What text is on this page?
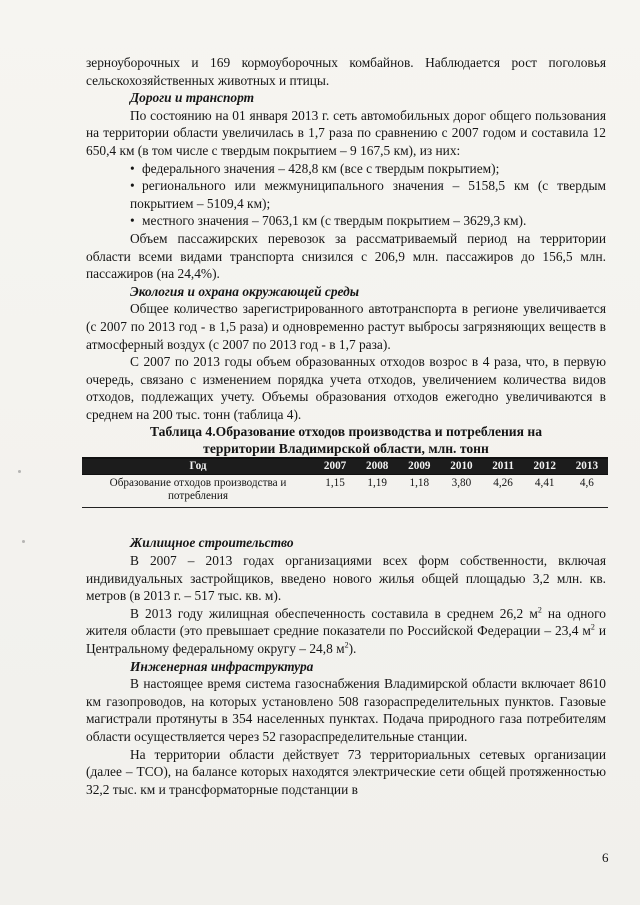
зерноуборочных и 169 кормоуборочных комбайнов. Наблюдается рост поголовья сельскохозяйственных животных и птицы.

Дороги и транспорт

По состоянию на 01 января 2013 г. сеть автомобильных дорог общего пользования на территории области увеличилась в 1,7 раза по сравнению с 2007 годом и составила 12 650,4 км (в том числе с твердым покрытием – 9 167,5 км), из них:

• федерального значения – 428,8 км (все с твердым покрытием);

• регионального или межмуниципального значения – 5158,5 км (с твердым покрытием – 5109,4 км);

• местного значения – 7063,1 км (с твердым покрытием – 3629,3 км).

Объем пассажирских перевозок за рассматриваемый период на территории области всеми видами транспорта снизился с 206,9 млн. пассажиров до 156,5 млн. пассажиров (на 24,4%).

Экология и охрана окружающей среды

Общее количество зарегистрированного автотранспорта в регионе увеличивается (с 2007 по 2013 год - в 1,5 раза) и одновременно растут выбросы загрязняющих веществ в атмосферный воздух (с 2007 по 2013 год - в 1,7 раза).

С 2007 по 2013 годы объем образованных отходов возрос в 4 раза, что, в первую очередь, связано с изменением порядка учета отходов, увеличением количества видов отходов, подлежащих учету. Объемы образования отходов ежегодно увеличиваются в среднем на 200 тыс. тонн (таблица 4).

Таблица 4.Образование отходов производства и потребления на
территории Владимирской области, млн. тонн

Год	2007	2008	2009	2010	2011	2012	2013
Образование отходов производства и потребления	1,15	1,19	1,18	3,80	4,26	4,41	4,6

Жилищное строительство

В 2007 – 2013 годах организациями всех форм собственности, включая индивидуальных застройщиков, введено нового жилья общей площадью 3,2 млн. кв. метров (в 2013 г. – 517 тыс. кв. м).

В 2013 году жилищная обеспеченность составила в среднем 26,2 $м^2$ на одного жителя области (это превышает средние показатели по Российской Федерации – 23,4 $м^2$ и Центральному федеральному округу – 24,8 $м^2$).

Инженерная инфраструктура

В настоящее время система газоснабжения Владимирской области включает 8610 км газопроводов, на которых установлено 508 газораспределительных пунктов. Газовые магистрали протянуты в 354 населенных пунктах. Подача природного газа потребителям области осуществляется через 52 газораспределительные станции.

На территории области действует 73 территориальных сетевых организации (далее – ТСО), на балансе которых находятся электрические сети общей протяженностью 32,2 тыс. км и трансформаторные подстанции в

6
